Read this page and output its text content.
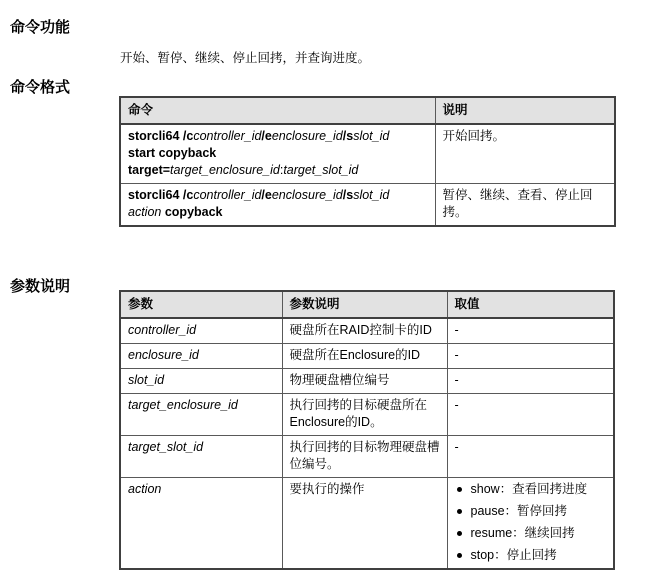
命令功能

开始、暂停、继续、停止回拷，并查询进度。

命令格式
命令	说明

storcli64 /ccontroller_id/eenclosure_id/sslot_id
start copyback
target=target_enclosure_id:target_slot_id	开始回拷。

storcli64 /ccontroller_id/eenclosure_id/sslot_id
action copyback	暂停、继续、查看、停止回拷。
参数说明
参数	参数说明	取值
controller_id	硬盘所在RAID控制卡的ID	-
enclosure_id	硬盘所在Enclosure的ID	-
slot_id	物理硬盘槽位编号	-
target_enclosure_id	执行回拷的目标硬盘所在Enclosure的ID。	-
target_slot_id	执行回拷的目标物理硬盘槽位编号。	-
action	要执行的操作	show：查看回拷进度
pause：暂停回拷
resume：继续回拷
stop：停止回拷
